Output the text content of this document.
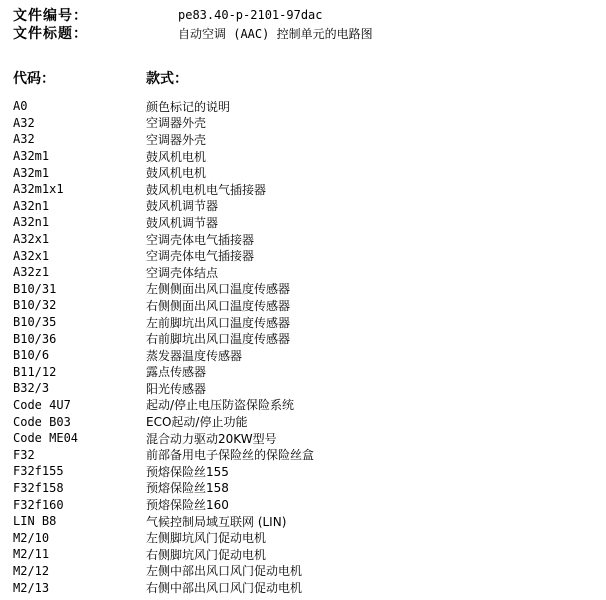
文件编号：	pe83.40-p-2101-97dac
文件标题：	自动空调 (AAC) 控制单元的电路图
代码：	款式：
A0	颜色标记的说明
A32	空调器外壳
A32	空调器外壳
A32m1	鼓风机电机
A32m1	鼓风机电机
A32m1x1	鼓风机电机电气插接器
A32n1	鼓风机调节器
A32n1	鼓风机调节器
A32x1	空调壳体电气插接器
A32x1	空调壳体电气插接器
A32z1	空调壳体结点
B10/31	左侧侧面出风口温度传感器
B10/32	右侧侧面出风口温度传感器
B10/35	左前脚坑出风口温度传感器
B10/36	右前脚坑出风口温度传感器
B10/6	蒸发器温度传感器
B11/12	露点传感器
B32/3	阳光传感器
Code 4U7	起动/停止电压防盗保险系统
Code B03	ECO起动/停止功能
Code ME04	混合动力驱动20KW型号
F32	前部备用电子保险丝的保险丝盒
F32f155	预熔保险丝155
F32f158	预熔保险丝158
F32f160	预熔保险丝160
LIN B8	气候控制局域互联网 (LIN)
M2/10	左侧脚坑风门促动电机
M2/11	右侧脚坑风门促动电机
M2/12	左侧中部出风口风门促动电机
M2/13	右侧中部出风口风门促动电机
